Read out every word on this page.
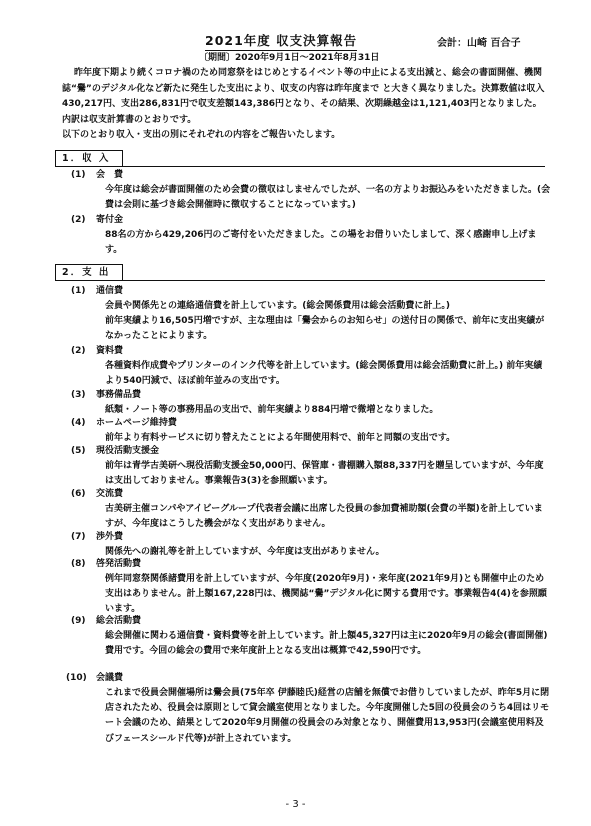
2021年度 収支決算報告	会計：山崎 百合子
〔期間〕2020年9月1日～2021年8月31日

昨年度下期より続くコロナ禍のため同窓祭をはじめとするイベント等の中止による支出減と、総会の書面開催、機関誌“鸒”のデジタル化など新たに発生した支出により、収支の内容は昨年度まで と大きく異なりました。決算数値は収入430,217円、支出286,831円で収支差額143,386円となり、その結果、次期繰越金は1,121,403円となりました。内訳は収支計算書のとおりです。

以下のとおり収入・支出の別にそれぞれの内容をご報告いたします。

1．収 入
(1) 会　費

今年度は総会が書面開催のため会費の徴収はしませんでしたが、一名の方よりお振込みをいただきました。(会費は会則に基づき総会開催時に徴収することになっています。)

(2) 寄付金

88名の方から429,206円のご寄付をいただきました。この場をお借りいたしまして、深く感謝申し上げます。

2．支 出
(1) 通信費

会員や関係先との連絡通信費を計上しています。(総会関係費用は総会活動費に計上。)

前年実績より16,505円増ですが、主な理由は「鸒会からのお知らせ」の送付日の関係で、前年に支出実績がなかったことによります。

(2) 資料費

各種資料作成費やプリンターのインク代等を計上しています。(総会関係費用は総会活動費に計上。) 前年実績より540円減で、ほぼ前年並みの支出です。

(3) 事務備品費

紙類・ノート等の事務用品の支出で、前年実績より884円増で微増となりました。

(4) ホームページ維持費

前年より有料サービスに切り替えたことによる年間使用料で、前年と同額の支出です。

(5) 現役活動支援金

前年は青学古美研へ現役活動支援金50,000円、保管庫・書棚購入額88,337円を贈呈していますが、今年度は支出しておりません。事業報告3(3)を参照願います。

(6) 交流費

古美研主催コンパやアイビーグループ代表者会議に出席した役員の参加費補助額(会費の半額)を計上していますが、今年度はこうした機会がなく支出がありません。

(7) 渉外費

関係先への謝礼等を計上していますが、今年度は支出がありません。

(8) 啓発活動費

例年同窓祭関係諸費用を計上していますが、今年度(2020年9月)・来年度(2021年9月)とも開催中止のため支出はありません。計上額167,228円は、機関誌“鸒”デジタル化に関する費用です。事業報告4(4)を参照願います。

(9) 総会活動費

総会開催に関わる通信費・資料費等を計上しています。計上額45,327円は主に2020年9月の総会(書面開催)費用です。今回の総会の費用で来年度計上となる支出は概算で42,590円です。

(10) 会議費

これまで役員会開催場所は鸒会員(75年卒 伊藤睦氏)経営の店舗を無償でお借りしていましたが、昨年5月に閉店されたため、役員会は原則として貸会議室使用となりました。今年度開催した5回の役員会のうち4回はリモート会議のため、結果として2020年9月開催の役員会のみ対象となり、開催費用13,953円(会議室使用料及びフェースシールド代等)が計上されています。

- 3 -
